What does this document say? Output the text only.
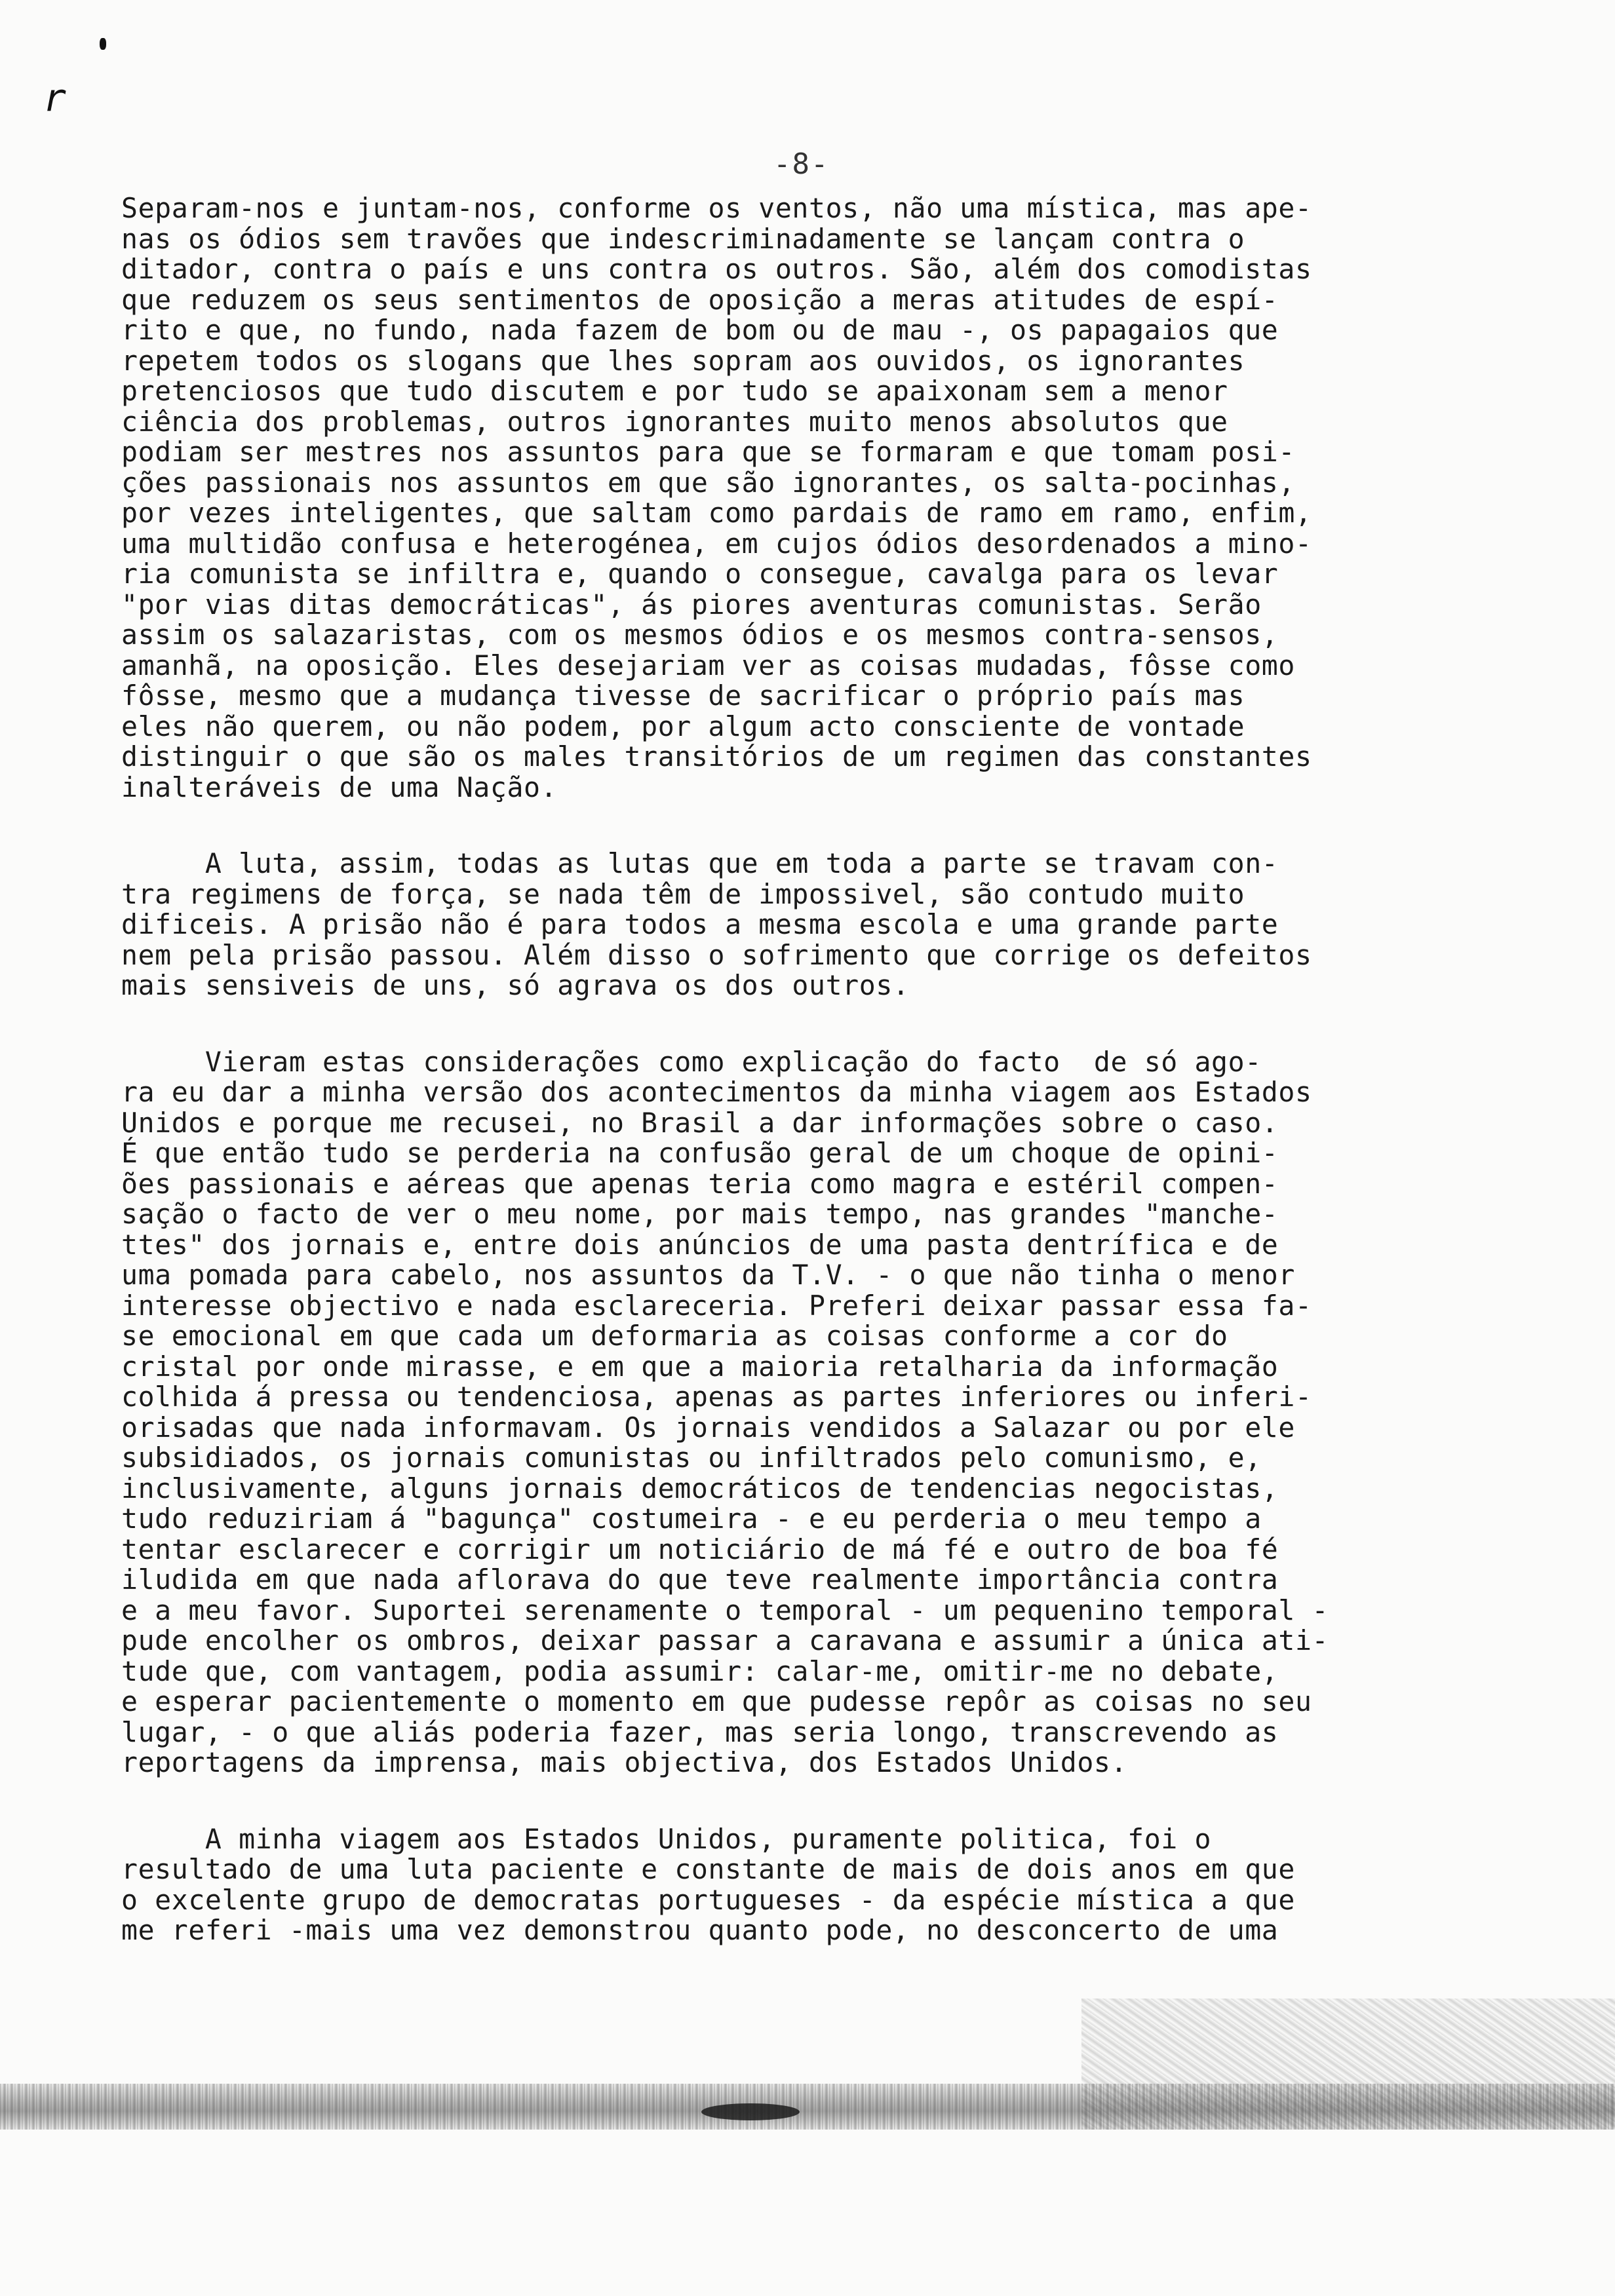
r
-8-
Separam-nos e juntam-nos, conforme os ventos, não uma mística, mas ape-
nas os ódios sem travões que indescriminadamente se lançam contra o
ditador, contra o país e uns contra os outros. São, além dos comodistas
que reduzem os seus sentimentos de oposição a meras atitudes de espí-
rito e que, no fundo, nada fazem de bom ou de mau -, os papagaios que
repetem todos os slogans que lhes sopram aos ouvidos, os ignorantes
pretenciosos que tudo discutem e por tudo se apaixonam sem a menor
ciência dos problemas, outros ignorantes muito menos absolutos que
podiam ser mestres nos assuntos para que se formaram e que tomam posi-
ções passionais nos assuntos em que são ignorantes, os salta-pocinhas,
por vezes inteligentes, que saltam como pardais de ramo em ramo, enfim,
uma multidão confusa e heterogénea, em cujos ódios desordenados a mino-
ria comunista se infiltra e, quando o consegue, cavalga para os levar
"por vias ditas democráticas", ás piores aventuras comunistas. Serão
assim os salazaristas, com os mesmos ódios e os mesmos contra-sensos,
amanhã, na oposição. Eles desejariam ver as coisas mudadas, fôsse como
fôsse, mesmo que a mudança tivesse de sacrificar o próprio país mas
eles não querem, ou não podem, por algum acto consciente de vontade
distinguir o que são os males transitórios de um regimen das constantes
inalteráveis de uma Nação.
A luta, assim, todas as lutas que em toda a parte se travam con-
tra regimens de força, se nada têm de impossivel, são contudo muito
dificeis. A prisão não é para todos a mesma escola e uma grande parte
nem pela prisão passou. Além disso o sofrimento que corrige os defeitos
mais sensiveis de uns, só agrava os dos outros.
Vieram estas considerações como explicação do facto  de só ago-
ra eu dar a minha versão dos acontecimentos da minha viagem aos Estados
Unidos e porque me recusei, no Brasil a dar informações sobre o caso.
É que então tudo se perderia na confusão geral de um choque de opini-
ões passionais e aéreas que apenas teria como magra e estéril compen-
sação o facto de ver o meu nome, por mais tempo, nas grandes "manche-
ttes" dos jornais e, entre dois anúncios de uma pasta dentrífica e de
uma pomada para cabelo, nos assuntos da T.V. - o que não tinha o menor
interesse objectivo e nada esclareceria. Preferi deixar passar essa fa-
se emocional em que cada um deformaria as coisas conforme a cor do
cristal por onde mirasse, e em que a maioria retalharia da informação
colhida á pressa ou tendenciosa, apenas as partes inferiores ou inferi-
orisadas que nada informavam. Os jornais vendidos a Salazar ou por ele
subsidiados, os jornais comunistas ou infiltrados pelo comunismo, e,
inclusivamente, alguns jornais democráticos de tendencias negocistas,
tudo reduziriam á "bagunça" costumeira - e eu perderia o meu tempo a
tentar esclarecer e corrigir um noticiário de má fé e outro de boa fé
iludida em que nada aflorava do que teve realmente importância contra
e a meu favor. Suportei serenamente o temporal - um pequenino temporal -
pude encolher os ombros, deixar passar a caravana e assumir a única ati-
tude que, com vantagem, podia assumir: calar-me, omitir-me no debate,
e esperar pacientemente o momento em que pudesse repôr as coisas no seu
lugar, - o que aliás poderia fazer, mas seria longo, transcrevendo as
reportagens da imprensa, mais objectiva, dos Estados Unidos.
A minha viagem aos Estados Unidos, puramente politica, foi o
resultado de uma luta paciente e constante de mais de dois anos em que
o excelente grupo de democratas portugueses - da espécie mística a que
me referi -mais uma vez demonstrou quanto pode, no desconcerto de uma
